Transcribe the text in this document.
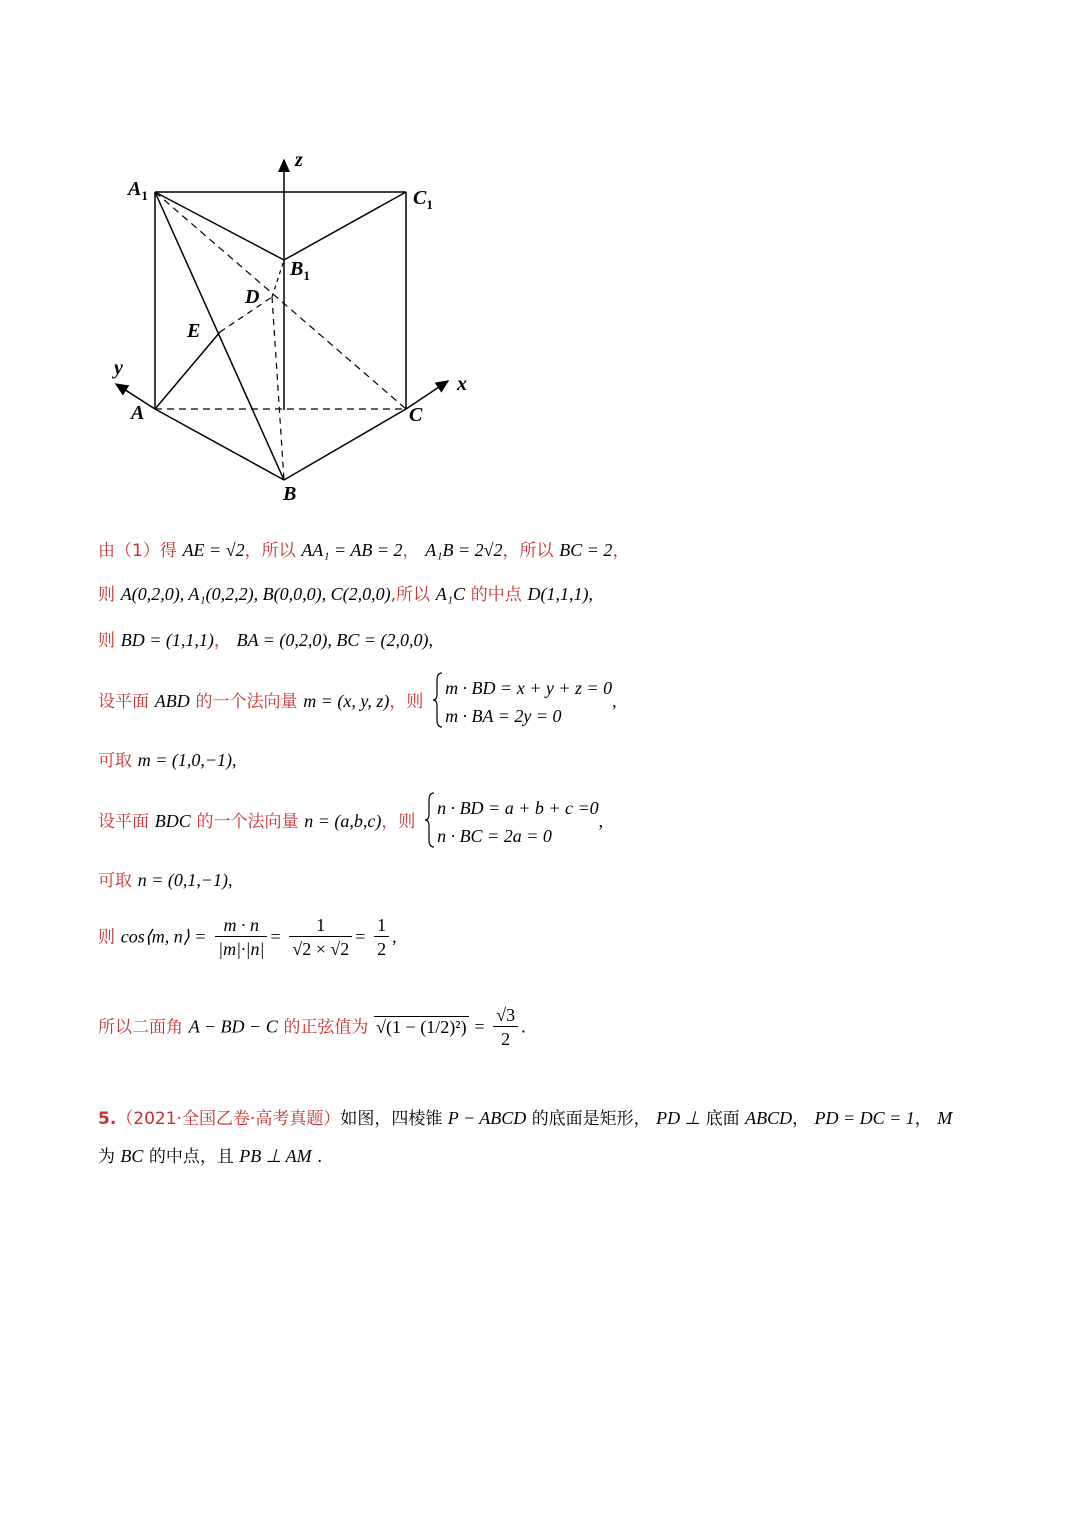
$A_1$	$C_1$
$B_1$
D
E
A
B
C
x
y
z
由（1）得 AE = √2，所以 AA₁ = AB = 2， A₁B = 2√2，所以 BC = 2，
则 A(0,2,0), A₁(0,2,2), B(0,0,0), C(2,0,0),所以 A₁C 的中点 D(1,1,1),
则 BD = (1,1,1)， BA = (0,2,0), BC = (2,0,0),
设平面 ABD 的一个法向量 m = (x, y, z)，则
m · BD = x + y + z = 0
m · BA = 2y = 0
,
可取 m = (1,0,−1),
设平面 BDC 的一个法向量 n = (a,b,c)，则
n · BD = a + b + c =0
n · BC = 2a = 0
,
可取 n = (0,1,−1),
则 cos⟨m, n⟩ = $\frac{m \cdot n}{|m|\cdot|n|} = \frac{1}{√2 \times √2} = \frac{1}{2}$ ,
所以二面角 A − BD − C 的正弦值为 $√(1 - (1/2)^2) = \frac{√3}{2}$ .
5.（2021·全国乙卷·高考真题）如图，四棱锥 P − ABCD 的底面是矩形， PD ⊥ 底面 ABCD， PD = DC = 1， M
为 BC 的中点，且 PB ⊥ AM .
